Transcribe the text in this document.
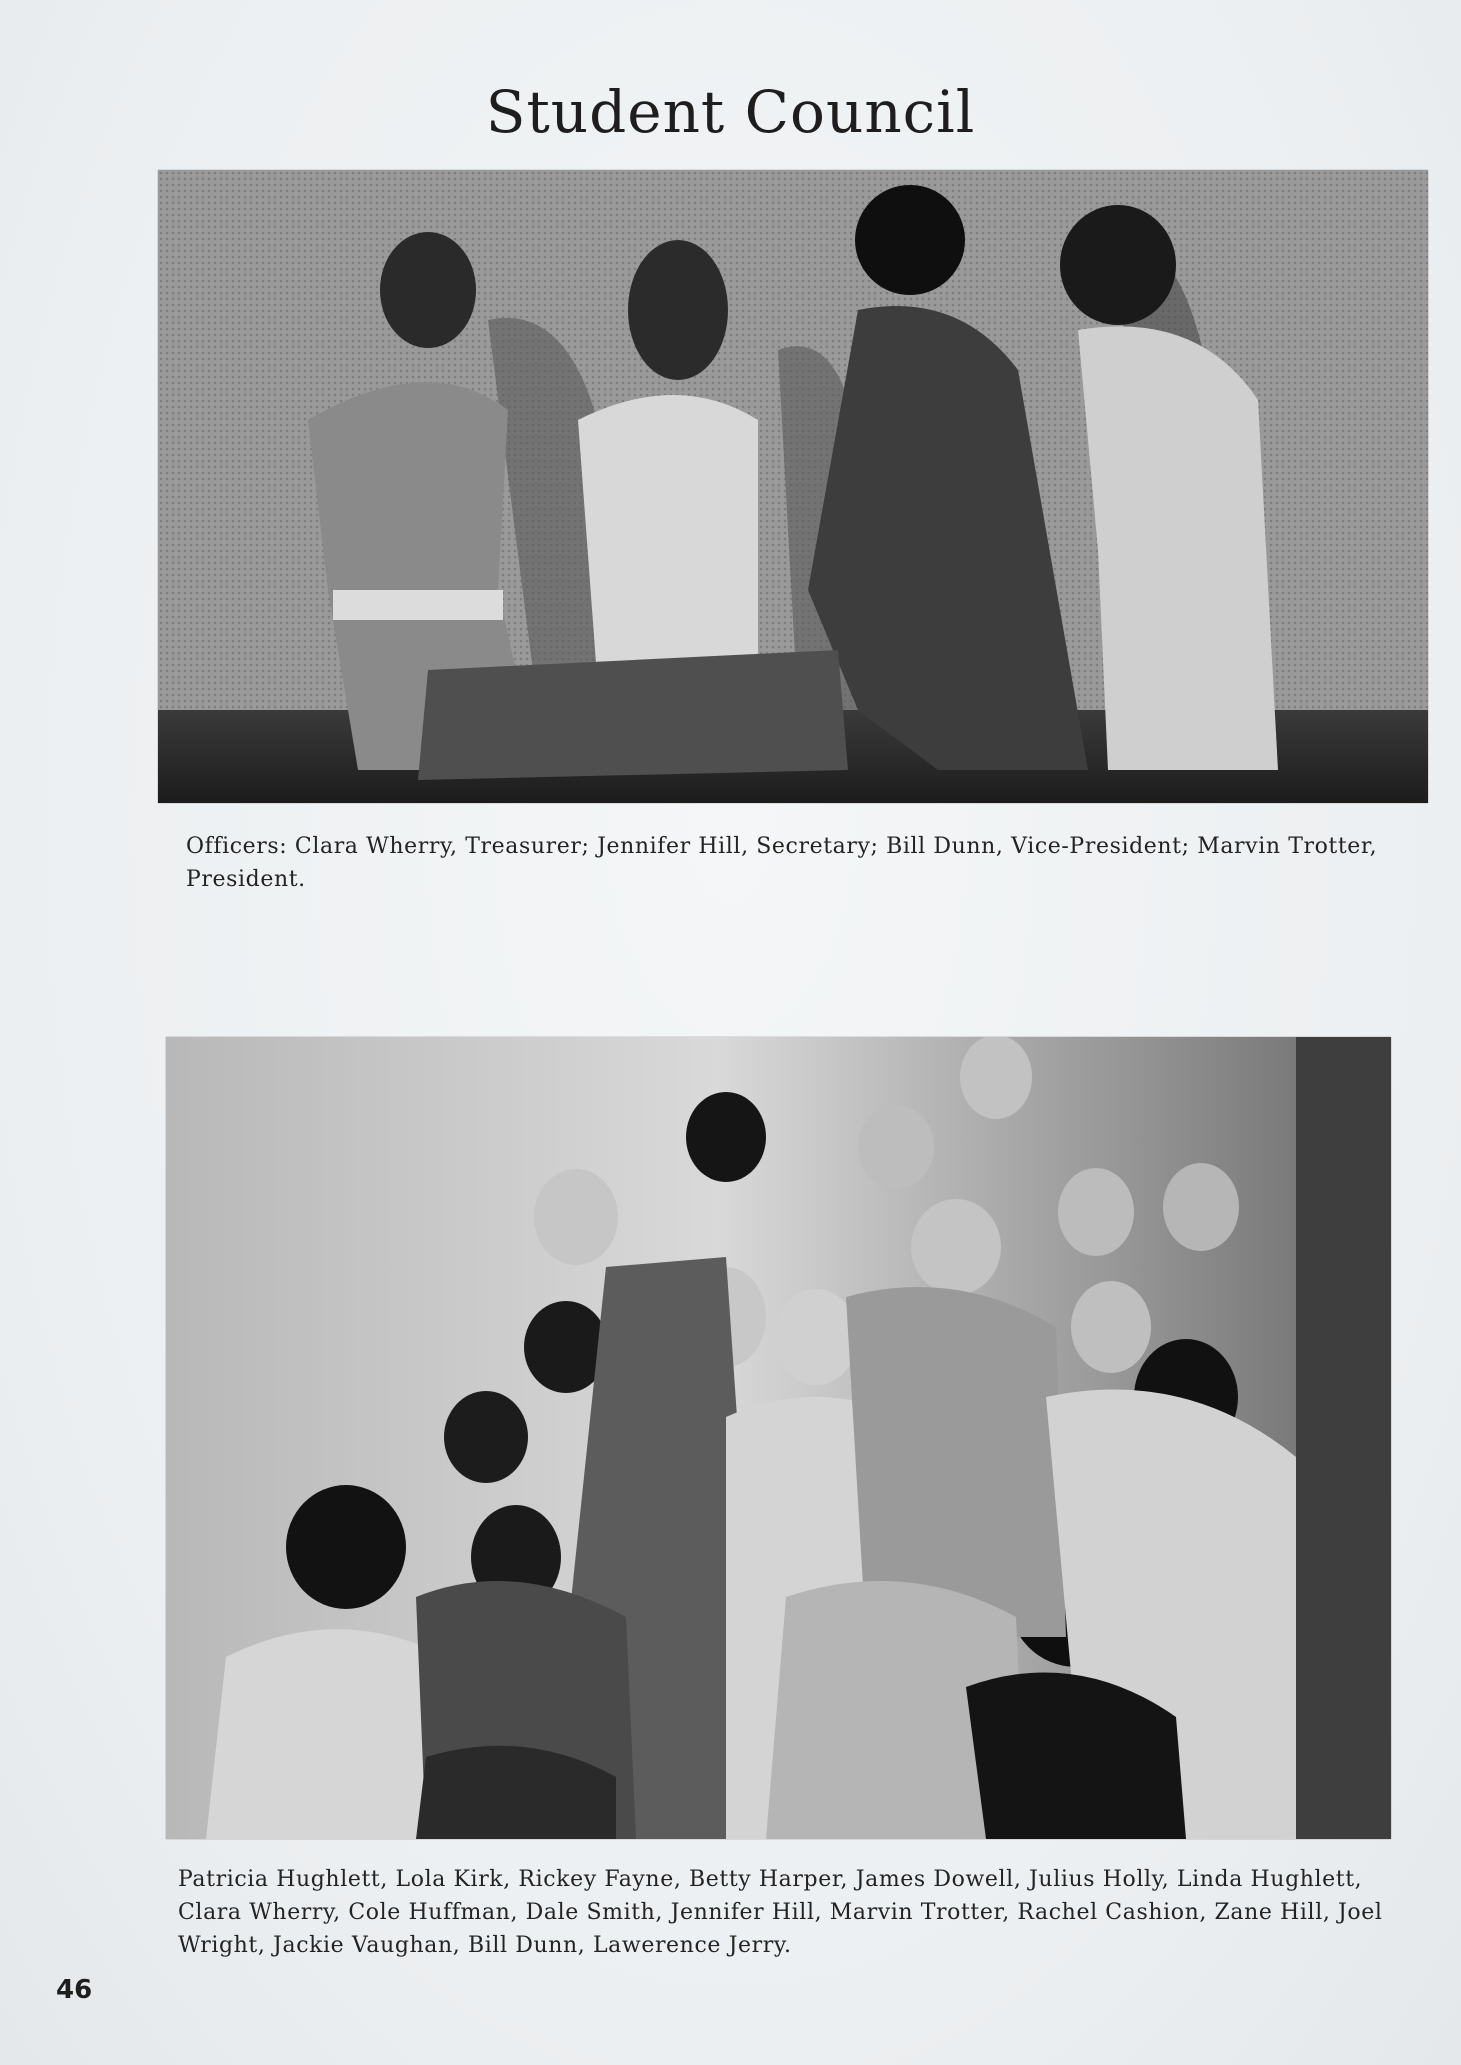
Student Council

Officers: Clara Wherry, Treasurer; Jennifer Hill, Secretary; Bill Dunn, Vice-President; Marvin Trotter, President.

Patricia Hughlett, Lola Kirk, Rickey Fayne, Betty Harper, James Dowell, Julius Holly, Linda Hughlett, Clara Wherry, Cole Huffman, Dale Smith, Jennifer Hill, Marvin Trotter, Rachel Cashion, Zane Hill, Joel Wright, Jackie Vaughan, Bill Dunn, Lawerence Jerry.

46
